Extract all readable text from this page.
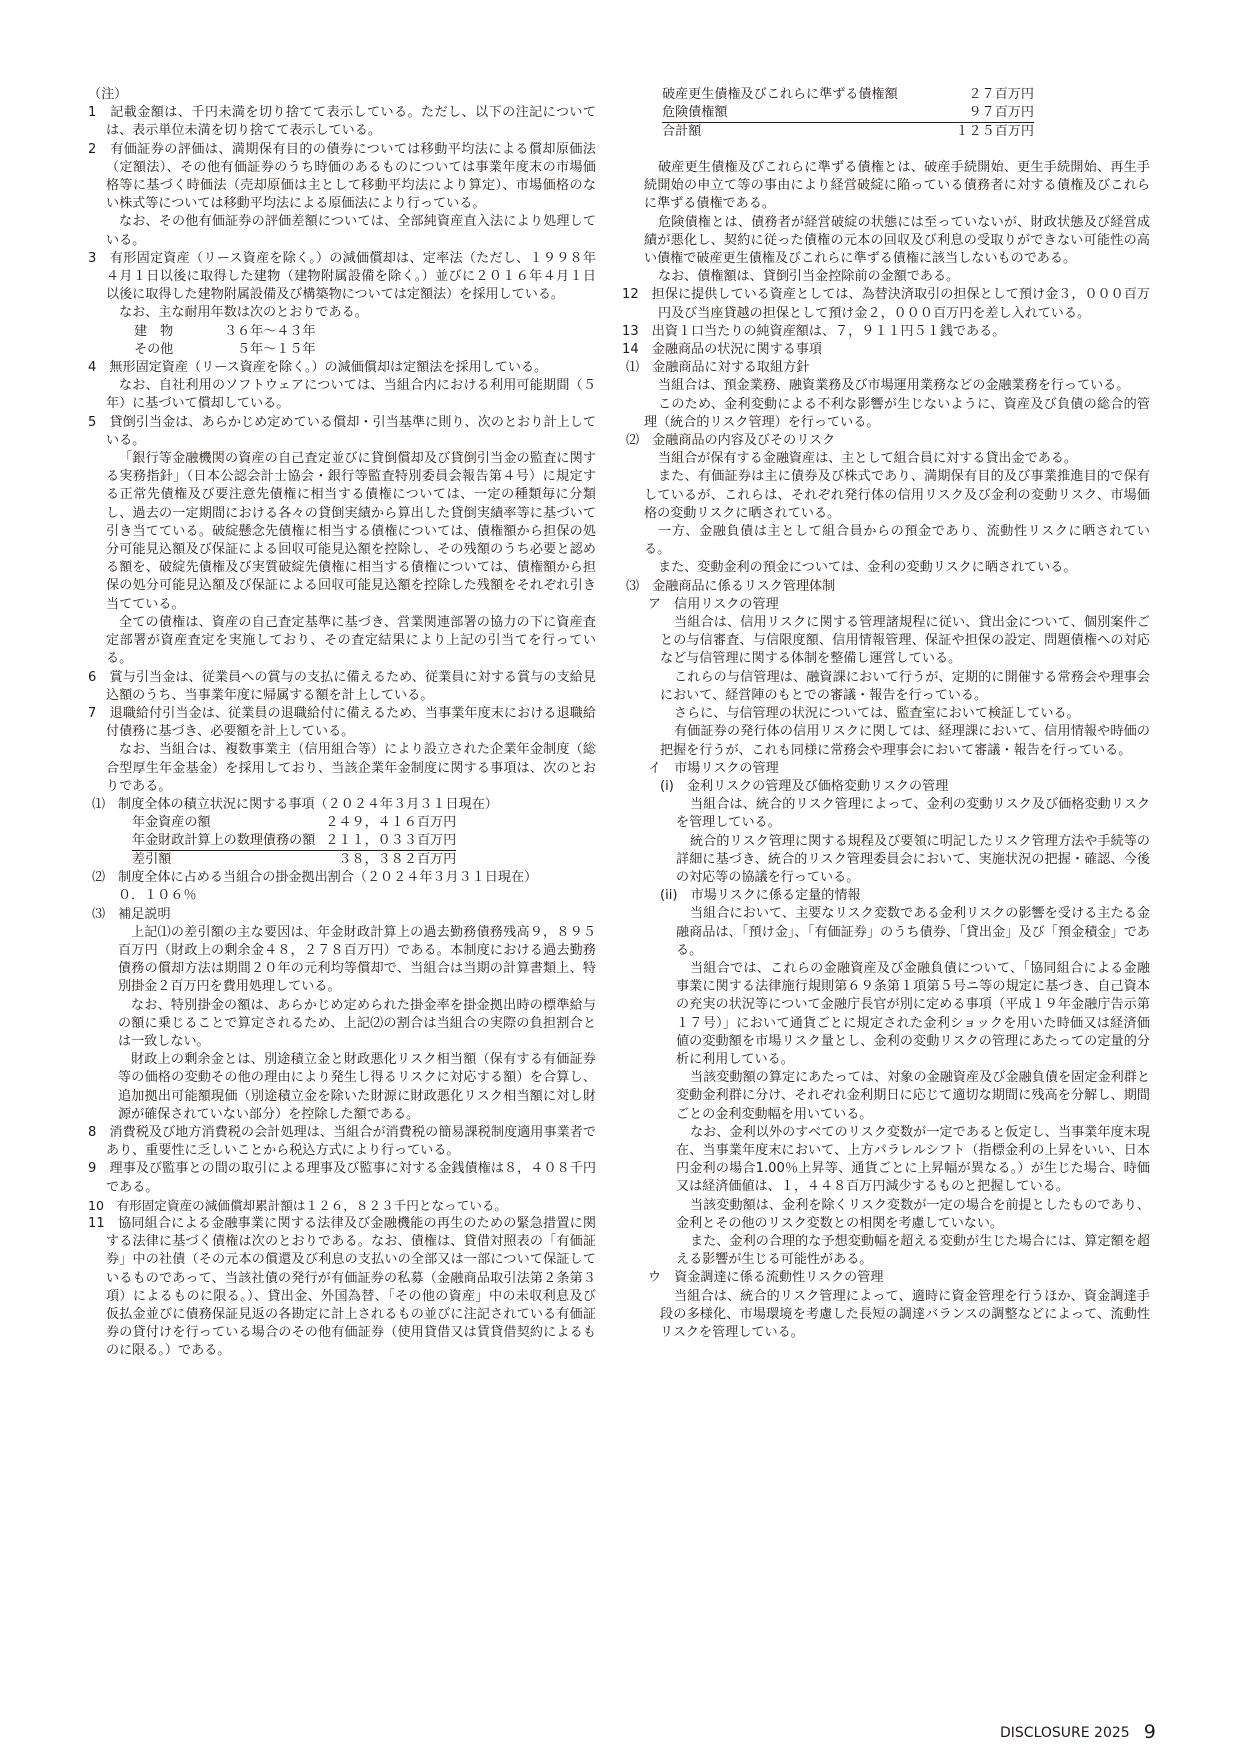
（注）

1　記載金額は、千円未満を切り捨てて表示している。ただし、以下の注記については、表示単位未満を切り捨てて表示している。

2　有価証券の評価は、満期保有目的の債券については移動平均法による償却原価法（定額法）、その他有価証券のうち時価のあるものについては事業年度末の市場価格等に基づく時価法（売却原価は主として移動平均法により算定）、市場価格のない株式等については移動平均法による原価法により行っている。

なお、その他有価証券の評価差額については、全部純資産直入法により処理している。

3　有形固定資産（リース資産を除く。）の減価償却は、定率法（ただし、１９９８年４月１日以後に取得した建物（建物附属設備を除く。）並びに２０１６年４月１日以後に取得した建物附属設備及び構築物については定額法）を採用している。

なお、主な耐用年数は次のとおりである。

建　物	３６年～４３年
その他	５年～１５年

4　無形固定資産（リース資産を除く。）の減価償却は定額法を採用している。

なお、自社利用のソフトウェアについては、当組合内における利用可能期間（５年）に基づいて償却している。

5　貸倒引当金は、あらかじめ定めている償却・引当基準に則り、次のとおり計上している。

「銀行等金融機関の資産の自己査定並びに貸倒償却及び貸倒引当金の監査に関する実務指針」（日本公認会計士協会・銀行等監査特別委員会報告第４号）に規定する正常先債権及び要注意先債権に相当する債権については、一定の種類毎に分類し、過去の一定期間における各々の貸倒実績から算出した貸倒実績率等に基づいて引き当てている。破綻懸念先債権に相当する債権については、債権額から担保の処分可能見込額及び保証による回収可能見込額を控除し、その残額のうち必要と認める額を、破綻先債権及び実質破綻先債権に相当する債権については、債権額から担保の処分可能見込額及び保証による回収可能見込額を控除した残額をそれぞれ引き当てている。

全ての債権は、資産の自己査定基準に基づき、営業関連部署の協力の下に資産査定部署が資産査定を実施しており、その査定結果により上記の引当てを行っている。

6　賞与引当金は、従業員への賞与の支払に備えるため、従業員に対する賞与の支給見込額のうち、当事業年度に帰属する額を計上している。

7　退職給付引当金は、従業員の退職給付に備えるため、当事業年度末における退職給付債務に基づき、必要額を計上している。

なお、当組合は、複数事業主（信用組合等）により設立された企業年金制度（総合型厚生年金基金）を採用しており、当該企業年金制度に関する事項は、次のとおりである。

⑴　制度全体の積立状況に関する事項（２０２４年３月３１日現在）

年金資産の額	２４９，４１６百万円
年金財政計算上の数理債務の額	２１１，０３３百万円
差引額	３８，３８２百万円

⑵　制度全体に占める当組合の掛金拠出割合（２０２４年３月３１日現在）

０．１０６％

⑶　補足説明

上記⑴の差引額の主な要因は、年金財政計算上の過去勤務債務残高９，８９５百万円（財政上の剰余金４８，２７８百万円）である。本制度における過去勤務債務の償却方法は期間２０年の元利均等償却で、当組合は当期の計算書類上、特別掛金２百万円を費用処理している。

なお、特別掛金の額は、あらかじめ定められた掛金率を掛金拠出時の標準給与の額に乗じることで算定されるため、上記⑵の割合は当組合の実際の負担割合とは一致しない。

財政上の剰余金とは、別途積立金と財政悪化リスク相当額（保有する有価証券等の価格の変動その他の理由により発生し得るリスクに対応する額）を合算し、追加拠出可能額現価（別途積立金を除いた財源に財政悪化リスク相当額に対し財源が確保されていない部分）を控除した額である。

8　消費税及び地方消費税の会計処理は、当組合が消費税の簡易課税制度適用事業者であり、重要性に乏しいことから税込方式により行っている。

9　理事及び監事との間の取引による理事及び監事に対する金銭債権は８，４０８千円である。

10　有形固定資産の減価償却累計額は１２６，８２３千円となっている。

11　協同組合による金融事業に関する法律及び金融機能の再生のための緊急措置に関する法律に基づく債権は次のとおりである。なお、債権は、貸借対照表の「有価証券」中の社債（その元本の償還及び利息の支払いの全部又は一部について保証しているものであって、当該社債の発行が有価証券の私募（金融商品取引法第２条第３項）によるものに限る。）、貸出金、外国為替、「その他の資産」中の未収利息及び仮払金並びに債務保証見返の各勘定に計上されるもの並びに注記されている有価証券の貸付けを行っている場合のその他有価証券（使用貸借又は賃貸借契約によるものに限る。）である。

破産更生債権及びこれらに準ずる債権額	２７百万円
危険債権額	９７百万円
合計額	１２５百万円

破産更生債権及びこれらに準ずる債権とは、破産手続開始、更生手続開始、再生手続開始の申立て等の事由により経営破綻に陥っている債務者に対する債権及びこれらに準ずる債権である。

危険債権とは、債務者が経営破綻の状態には至っていないが、財政状態及び経営成績が悪化し、契約に従った債権の元本の回収及び利息の受取りができない可能性の高い債権で破産更生債権及びこれらに準ずる債権に該当しないものである。

なお、債権額は、貸倒引当金控除前の金額である。

12　担保に提供している資産としては、為替決済取引の担保として預け金３，０００百万円及び当座貸越の担保として預け金２，０００百万円を差し入れている。

13　出資１口当たりの純資産額は、７，９１１円５１銭である。

14　金融商品の状況に関する事項

⑴　金融商品に対する取組方針

当組合は、預金業務、融資業務及び市場運用業務などの金融業務を行っている。

このため、金利変動による不利な影響が生じないように、資産及び負債の総合的管理（統合的リスク管理）を行っている。

⑵　金融商品の内容及びそのリスク

当組合が保有する金融資産は、主として組合員に対する貸出金である。

また、有価証券は主に債券及び株式であり、満期保有目的及び事業推進目的で保有しているが、これらは、それぞれ発行体の信用リスク及び金利の変動リスク、市場価格の変動リスクに晒されている。

一方、金融負債は主として組合員からの預金であり、流動性リスクに晒されている。

また、変動金利の預金については、金利の変動リスクに晒されている。

⑶　金融商品に係るリスク管理体制

ア　信用リスクの管理

当組合は、信用リスクに関する管理諸規程に従い、貸出金について、個別案件ごとの与信審査、与信限度額、信用情報管理、保証や担保の設定、問題債権への対応など与信管理に関する体制を整備し運営している。

これらの与信管理は、融資課において行うが、定期的に開催する常務会や理事会において、経営陣のもとでの審議・報告を行っている。

さらに、与信管理の状況については、監査室において検証している。

有価証券の発行体の信用リスクに関しては、経理課において、信用情報や時価の把握を行うが、これも同様に常務会や理事会において審議・報告を行っている。

イ　市場リスクの管理

(i)　金利リスクの管理及び価格変動リスクの管理

当組合は、統合的リスク管理によって、金利の変動リスク及び価格変動リスクを管理している。

統合的リスク管理に関する規程及び要領に明記したリスク管理方法や手続等の詳細に基づき、統合的リスク管理委員会において、実施状況の把握・確認、今後の対応等の協議を行っている。

(ii)　市場リスクに係る定量的情報

当組合において、主要なリスク変数である金利リスクの影響を受ける主たる金融商品は、「預け金」、「有価証券」のうち債券、「貸出金」及び「預金積金」である。

当組合では、これらの金融資産及び金融負債について、「協同組合による金融事業に関する法律施行規則第６９条第１項第５号ニ等の規定に基づき、自己資本の充実の状況等について金融庁長官が別に定める事項（平成１９年金融庁告示第１７号）」において通貨ごとに規定された金利ショックを用いた時価又は経済価値の変動額を市場リスク量とし、金利の変動リスクの管理にあたっての定量的分析に利用している。

当該変動額の算定にあたっては、対象の金融資産及び金融負債を固定金利群と変動金利群に分け、それぞれ金利期日に応じて適切な期間に残高を分解し、期間ごとの金利変動幅を用いている。

なお、金利以外のすべてのリスク変数が一定であると仮定し、当事業年度末現在、当事業年度末において、上方パラレルシフト（指標金利の上昇をいい、日本円金利の場合1.00％上昇等、通貨ごとに上昇幅が異なる。）が生じた場合、時価又は経済価値は、１，４４８百万円減少するものと把握している。

当該変動額は、金利を除くリスク変数が一定の場合を前提としたものであり、金利とその他のリスク変数との相関を考慮していない。

また、金利の合理的な予想変動幅を超える変動が生じた場合には、算定額を超える影響が生じる可能性がある。

ウ　資金調達に係る流動性リスクの管理

当組合は、統合的リスク管理によって、適時に資金管理を行うほか、資金調達手段の多様化、市場環境を考慮した長短の調達バランスの調整などによって、流動性リスクを管理している。

DISCLOSURE 2025 9
